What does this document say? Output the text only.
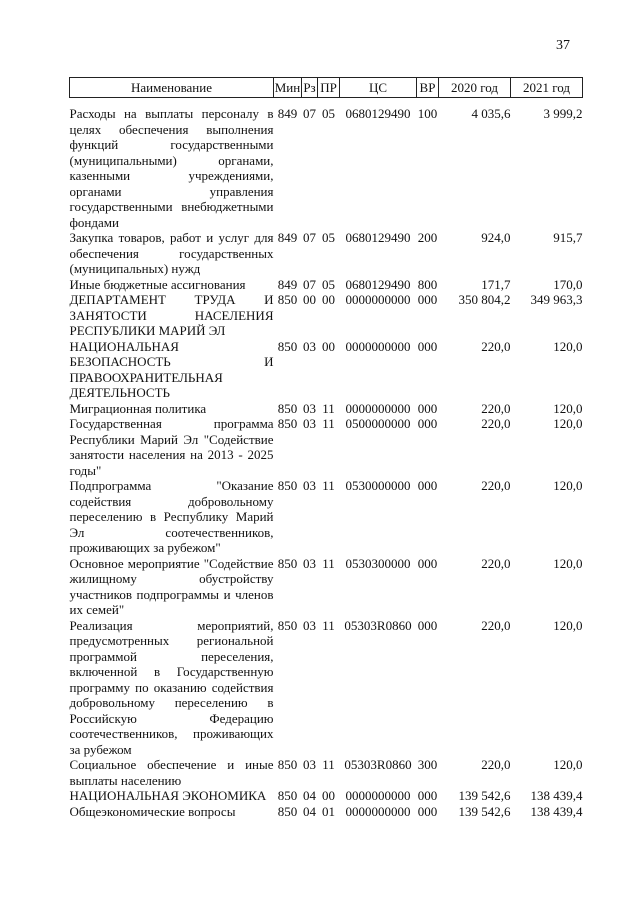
37
Наименование	Мин	Рз	ПР	ЦС	ВР	2020 год	2021 год
Расходы на выплаты персоналу в целях обеспечения выполнения функций государственными (муниципальными) органами, казенными учреждениями, органами управления государственными внебюджетными фондами	849	07	05	0680129490	100	4 035,6	3 999,2
Закупка товаров, работ и услуг для обеспечения государственных (муниципальных) нужд	849	07	05	0680129490	200	924,0	915,7
Иные бюджетные ассигнования	849	07	05	0680129490	800	171,7	170,0
ДЕПАРТАМЕНТ ТРУДА И ЗАНЯТОСТИ НАСЕЛЕНИЯ РЕСПУБЛИКИ МАРИЙ ЭЛ	850	00	00	0000000000	000	350 804,2	349 963,3
НАЦИОНАЛЬНАЯ БЕЗОПАСНОСТЬ И ПРАВООХРАНИТЕЛЬНАЯ ДЕЯТЕЛЬНОСТЬ	850	03	00	0000000000	000	220,0	120,0
Миграционная политика	850	03	11	0000000000	000	220,0	120,0
Государственная программа Республики Марий Эл "Содействие занятости населения на 2013 - 2025 годы"	850	03	11	0500000000	000	220,0	120,0
Подпрограмма "Оказание содействия добровольному переселению в Республику Марий Эл соотечественников, проживающих за рубежом"	850	03	11	0530000000	000	220,0	120,0
Основное мероприятие "Содействие жилищному обустройству участников подпрограммы и членов их семей"	850	03	11	0530300000	000	220,0	120,0
Реализация мероприятий, предусмотренных региональной программой переселения, включенной в Государственную программу по оказанию содействия добровольному переселению в Российскую Федерацию соотечественников, проживающих за рубежом	850	03	11	05303R0860	000	220,0	120,0
Социальное обеспечение и иные выплаты населению	850	03	11	05303R0860	300	220,0	120,0
НАЦИОНАЛЬНАЯ ЭКОНОМИКА	850	04	00	0000000000	000	139 542,6	138 439,4
Общеэкономические вопросы	850	04	01	0000000000	000	139 542,6	138 439,4
